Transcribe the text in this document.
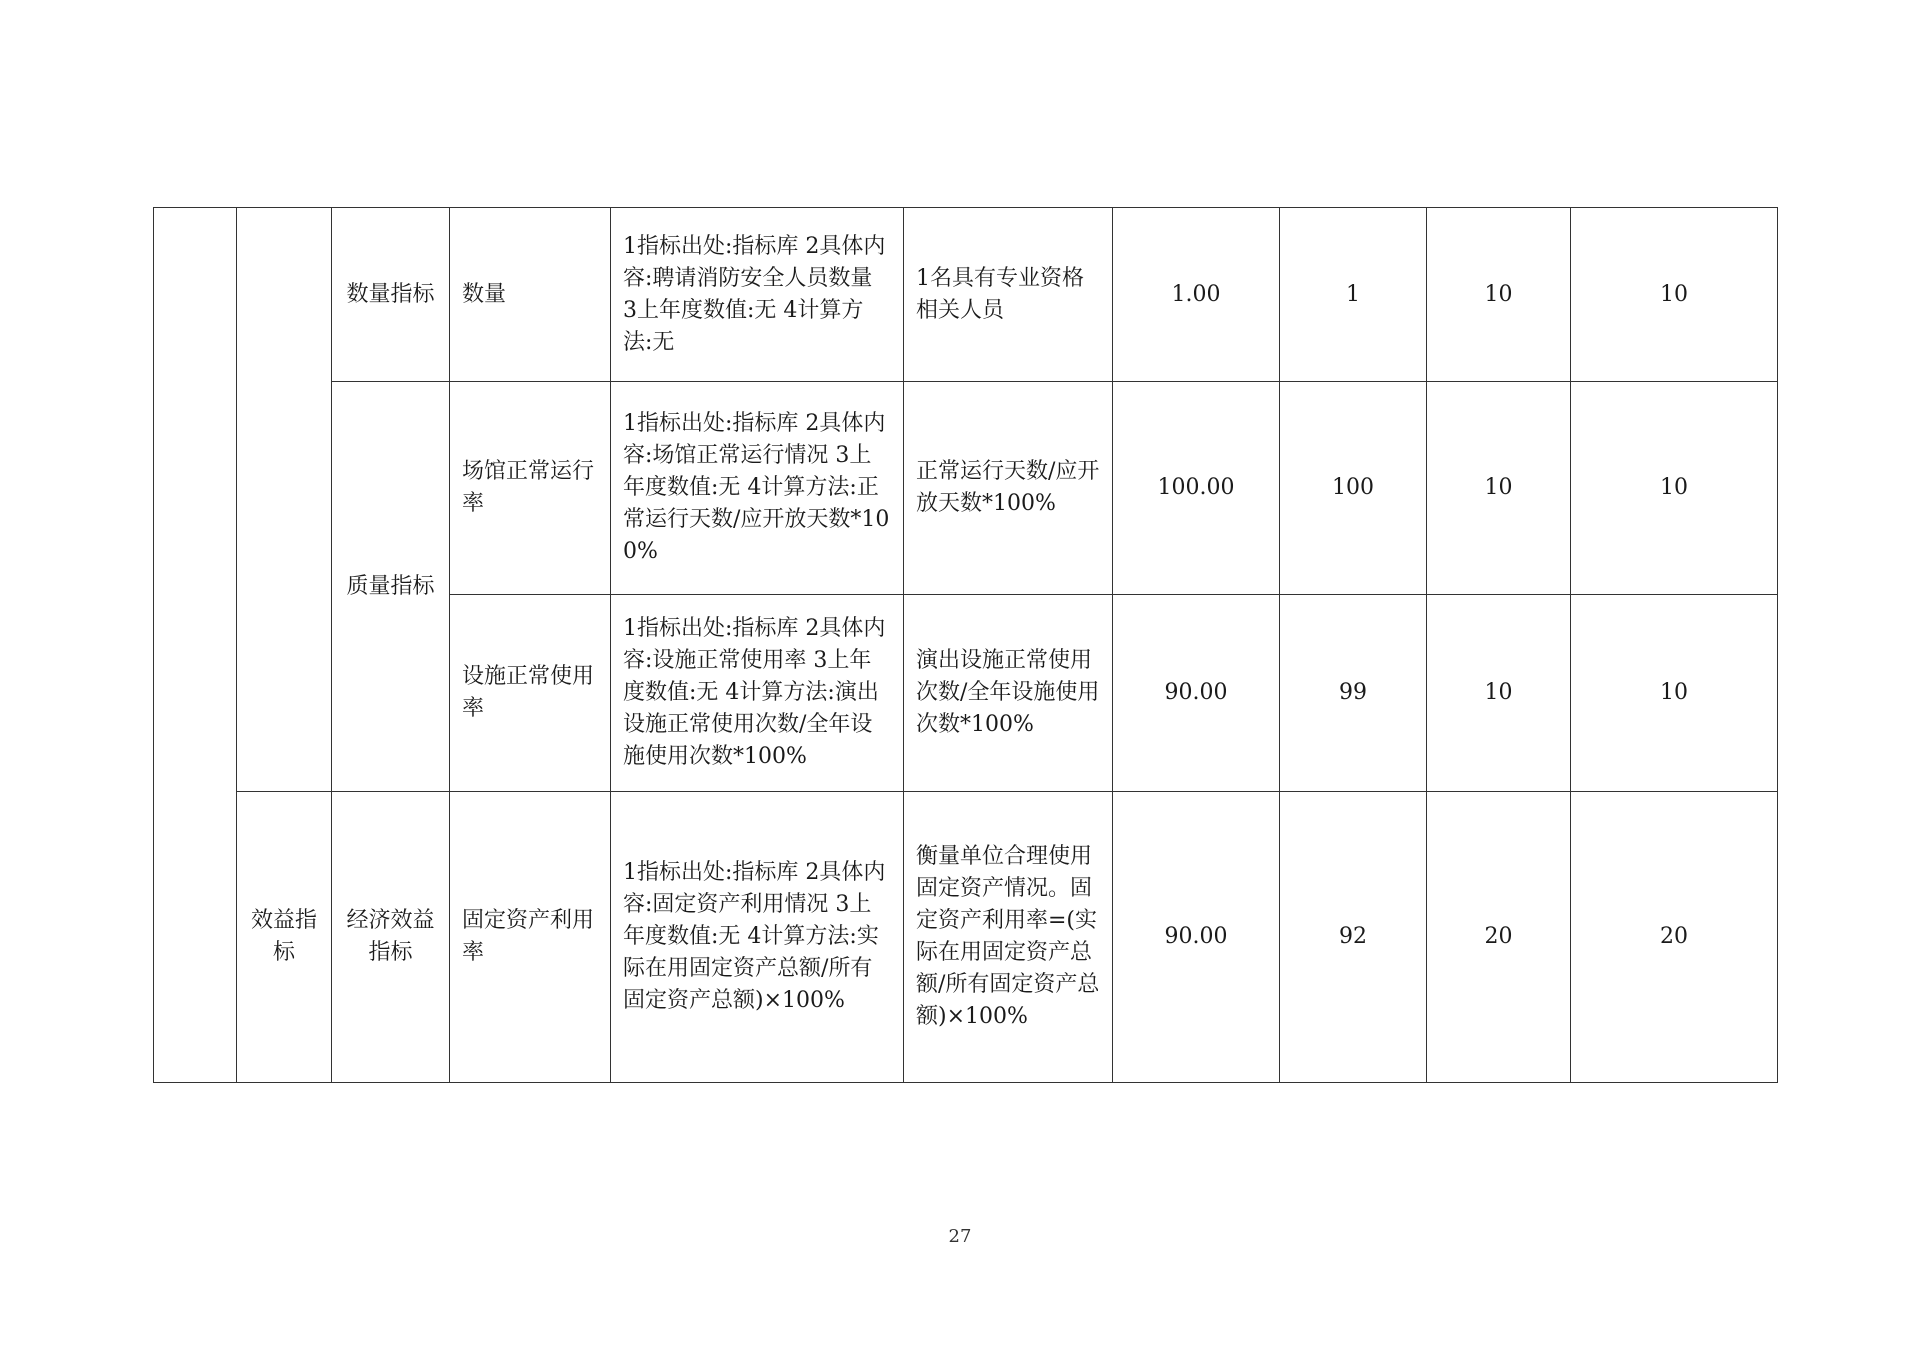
		数量指标	数量	1指标出处:指标库 2具体内容:聘请消防安全人员数量 3上年度数值:无 4计算方法:无	1名具有专业资格相关人员	1.00	1	10	10
		质量指标	场馆正常运行率	1指标出处:指标库 2具体内容:场馆正常运行情况 3上年度数值:无 4计算方法:正常运行天数/应开放天数*100%	正常运行天数/应开放天数*100%	100.00	100	10	10
			设施正常使用率	1指标出处:指标库 2具体内容:设施正常使用率 3上年度数值:无 4计算方法:演出设施正常使用次数/全年设施使用次数*100%	演出设施正常使用次数/全年设施使用次数*100%	90.00	99	10	10
	效益指标	经济效益指标	固定资产利用率	1指标出处:指标库 2具体内容:固定资产利用情况 3上年度数值:无 4计算方法:实际在用固定资产总额/所有固定资产总额)×100%	衡量单位合理使用固定资产情况。固定资产利用率=(实际在用固定资产总额/所有固定资产总额)×100%	90.00	92	20	20
27
